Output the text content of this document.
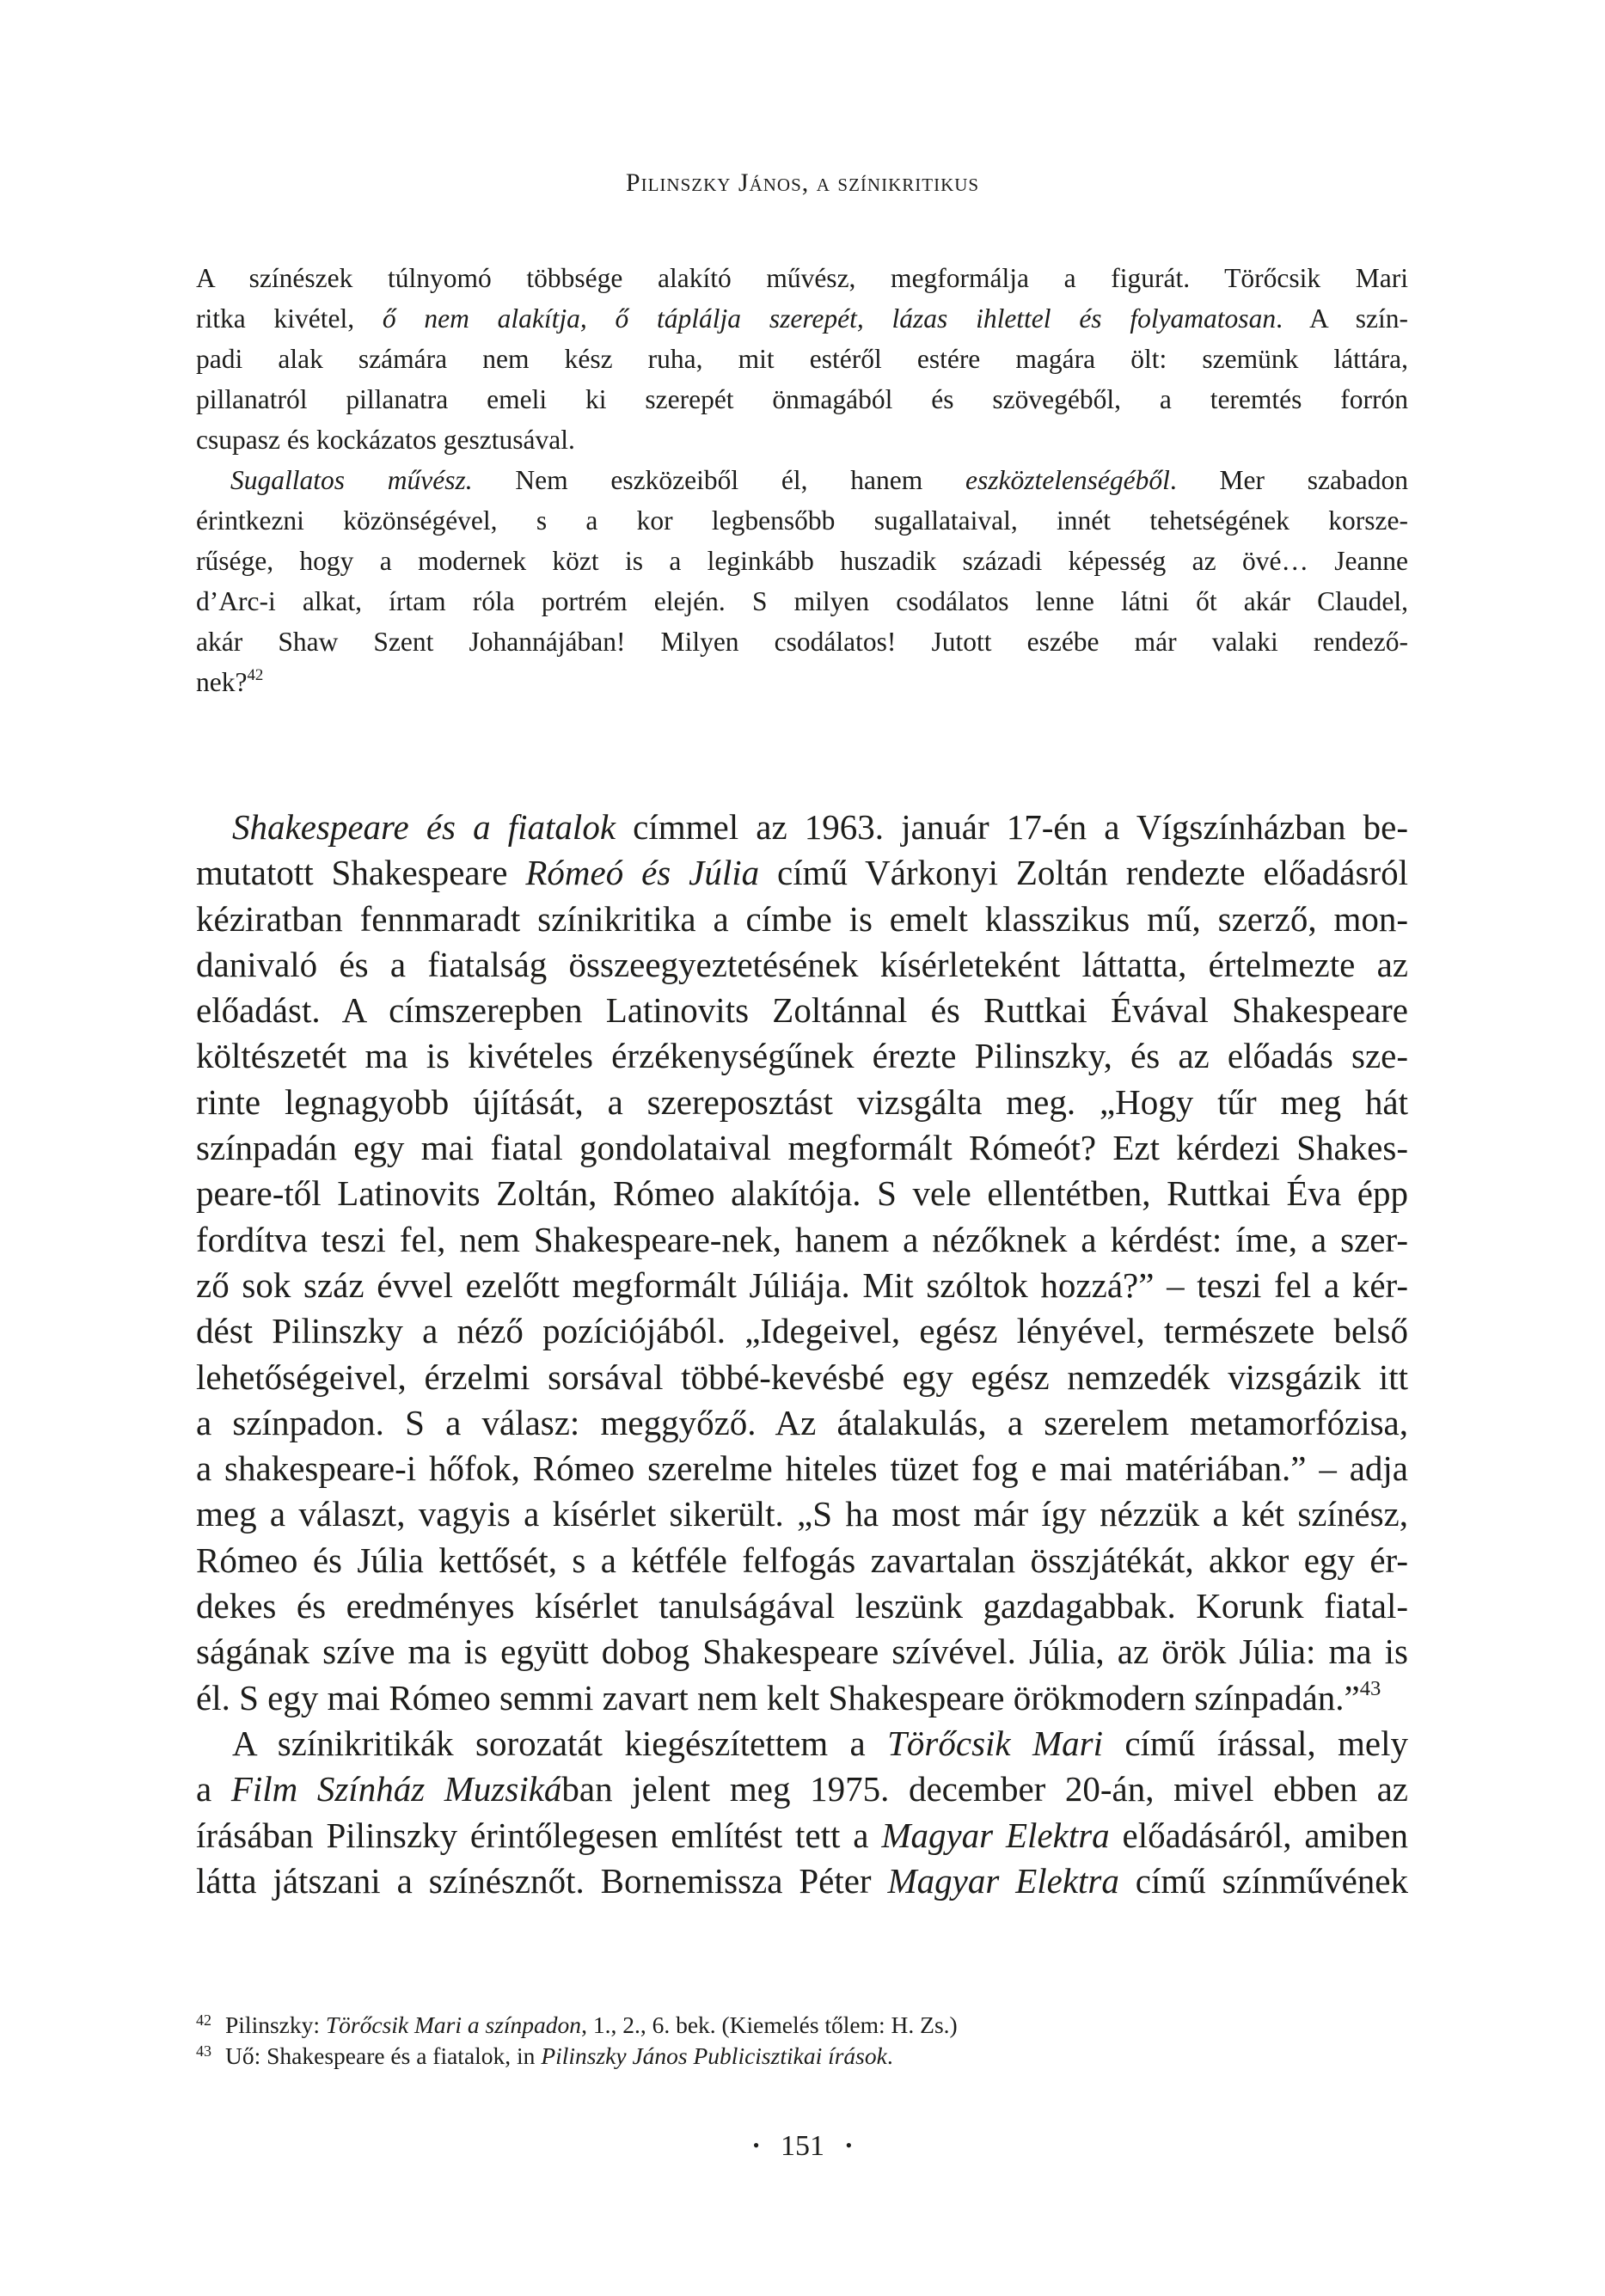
Pilinszky János, a színikritikus
A színészek túlnyomó többsége alakító művész, megformálja a figurát. Törőcsik Mari
ritka kivétel, ő nem alakítja, ő táplálja szerepét, lázas ihlettel és folyamatosan. A szín-
padi alak számára nem kész ruha, mit estéről estére magára ölt: szemünk láttára,
pillanatról pillanatra emeli ki szerepét önmagából és szövegéből, a teremtés forrón
csupasz és kockázatos gesztusával.
Sugallatos művész. Nem eszközeiből él, hanem eszköztelenségéből. Mer szabadon
érintkezni közönségével, s a kor legbensőbb sugallataival, innét tehetségének korsze-
rűsége, hogy a modernek közt is a leginkább huszadik századi képesség az övé… Jeanne
d’Arc-i alkat, írtam róla portrém elején. S milyen csodálatos lenne látni őt akár Claudel,
akár Shaw Szent Johannájában! Milyen csodálatos! Jutott eszébe már valaki rendező-
nek?$^{42}$
Shakespeare és a fiatalok címmel az 1963. január 17-én a Vígszínházban be-
mutatott Shakespeare Rómeó és Júlia című Várkonyi Zoltán rendezte előadásról
kéziratban fennmaradt színikritika a címbe is emelt klasszikus mű, szerző, mon-
danivaló és a fiatalság összeegyeztetésének kísérleteként láttatta, értelmezte az
előadást. A címszerepben Latinovits Zoltánnal és Ruttkai Évával Shakespeare
költészetét ma is kivételes érzékenységűnek érezte Pilinszky, és az előadás sze-
rinte legnagyobb újítását, a szereposztást vizsgálta meg. „Hogy tűr meg hát
színpadán egy mai fiatal gondolataival megformált Rómeót? Ezt kérdezi Shakes-
peare-től Latinovits Zoltán, Rómeo alakítója. S vele ellentétben, Ruttkai Éva épp
fordítva teszi fel, nem Shakespeare-nek, hanem a nézőknek a kérdést: íme, a szer-
ző sok száz évvel ezelőtt megformált Júliája. Mit szóltok hozzá?” – teszi fel a kér-
dést Pilinszky a néző pozíciójából. „Idegeivel, egész lényével, természete belső
lehetőségeivel, érzelmi sorsával többé-kevésbé egy egész nemzedék vizsgázik itt
a színpadon. S a válasz: meggyőző. Az átalakulás, a szerelem metamorfózisa,
a shakespeare-i hőfok, Rómeo szerelme hiteles tüzet fog e mai matériában.” – adja
meg a választ, vagyis a kísérlet sikerült. „S ha most már így nézzük a két színész,
Rómeo és Júlia kettősét, s a kétféle felfogás zavartalan összjátékát, akkor egy ér-
dekes és eredményes kísérlet tanulságával leszünk gazdagabbak. Korunk fiatal-
ságának szíve ma is együtt dobog Shakespeare szívével. Júlia, az örök Júlia: ma is
él. S egy mai Rómeo semmi zavart nem kelt Shakespeare örökmodern színpadán.”$^{43}$
A színikritikák sorozatát kiegészítettem a Törőcsik Mari című írással, mely
a Film Színház Muzsikában jelent meg 1975. december 20-án, mivel ebben az
írásában Pilinszky érintőlegesen említést tett a Magyar Elektra előadásáról, amiben
látta játszani a színésznőt. Bornemissza Péter Magyar Elektra című színművének
42 Pilinszky: Törőcsik Mari a színpadon, 1., 2., 6. bek. (Kiemelés tőlem: H. Zs.)
43 Uő: Shakespeare és a fiatalok, in Pilinszky János Publicisztikai írások.
• 151 •
